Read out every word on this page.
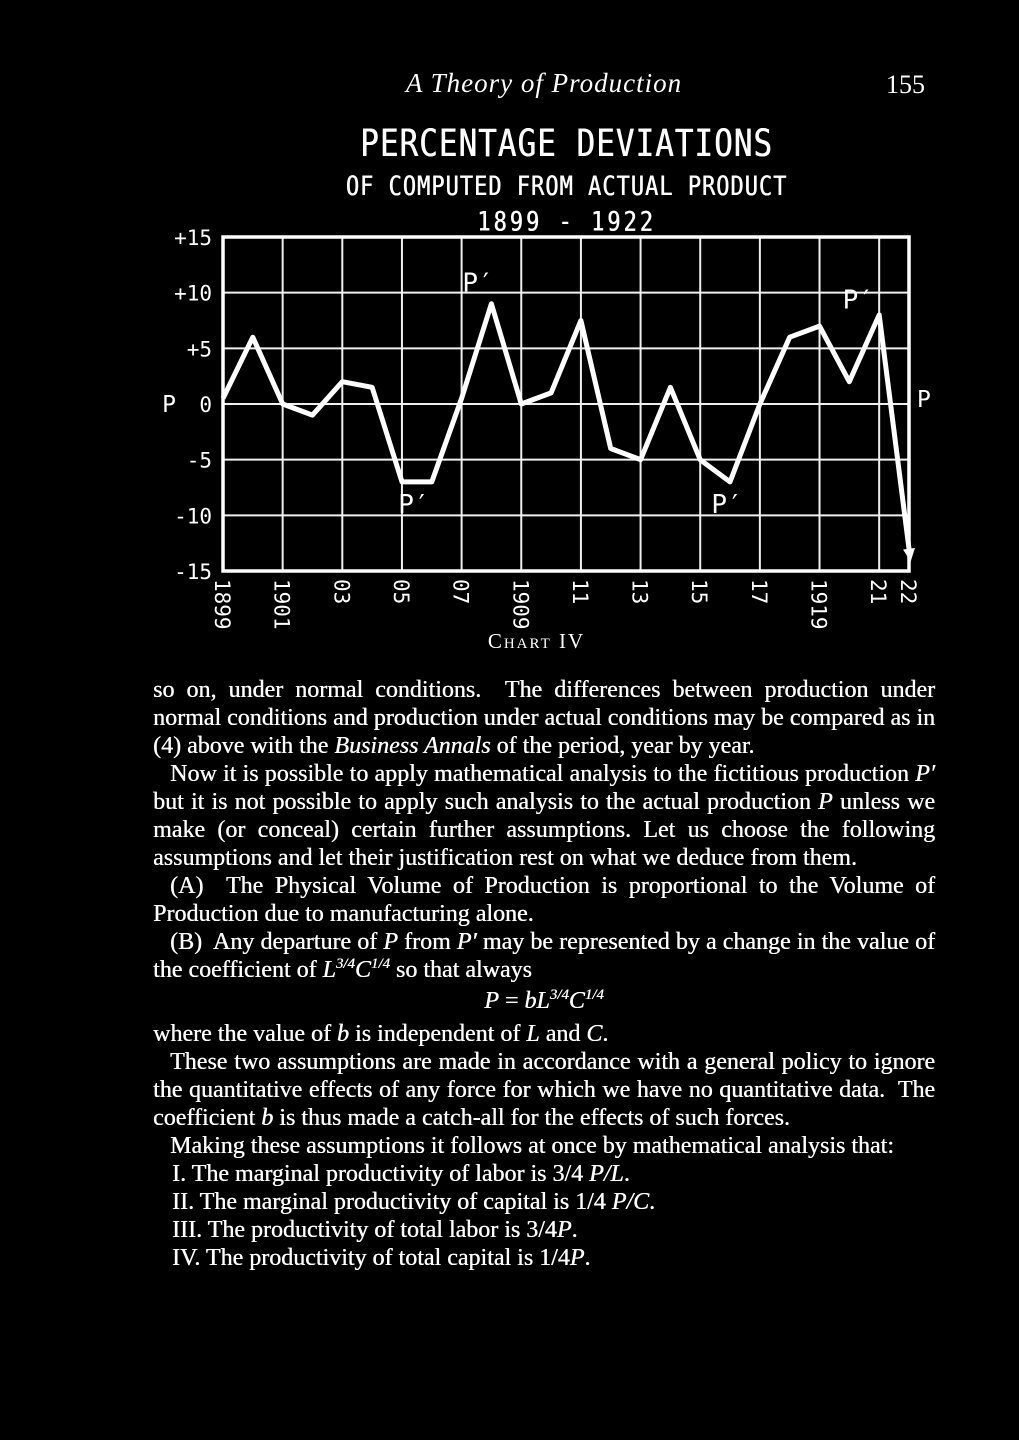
A Theory of Production	155
PERCENTAGE DEVIATIONS
OF COMPUTED FROM ACTUAL PRODUCT
1899 - 1922
+15
+10
+5
0
-5
-10
-15
P	P
1899 1901 03 05 07 1909 11 13 15 17 1919 21 22
P′
P′
P′
P′
Chart IV

so on, under normal conditions.  The differences between production under normal conditions and production under actual conditions may be compared as in (4) above with the Business Annals of the period, year by year.

Now it is possible to apply mathematical analysis to the fictitious production P′ but it is not possible to apply such analysis to the actual production P unless we make (or conceal) certain further assumptions. Let us choose the following assumptions and let their justification rest on what we deduce from them.

(A)  The Physical Volume of Production is proportional to the Volume of Production due to manufacturing alone.

(B)  Any departure of P from P′ may be represented by a change in the value of the coefficient of $L^{3/4}C^{1/4}$ so that always

$P = bL^{3/4}C^{1/4}$

where the value of b is independent of L and C.

These two assumptions are made in accordance with a general policy to ignore the quantitative effects of any force for which we have no quantitative data.  The coefficient b is thus made a catch-all for the effects of such forces.

Making these assumptions it follows at once by mathematical analysis that:

I. The marginal productivity of labor is 3/4 P/L.

II. The marginal productivity of capital is 1/4 P/C.

III. The productivity of total labor is 3/4P.

IV. The productivity of total capital is 1/4P.
